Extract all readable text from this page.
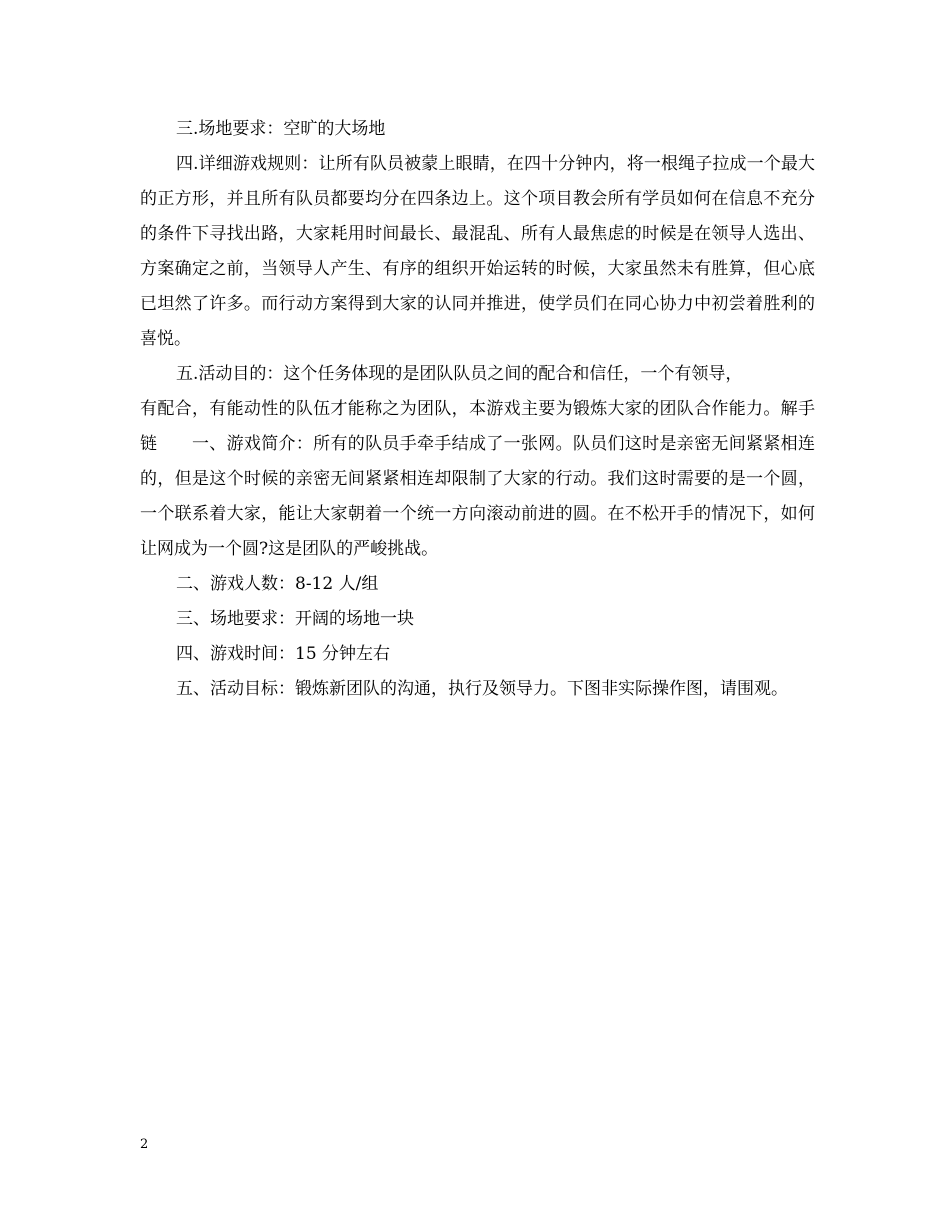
三.场地要求：空旷的大场地

四.详细游戏规则：让所有队员被蒙上眼睛，在四十分钟内，将一根绳子拉成一个最大的正方形，并且所有队员都要均分在四条边上。这个项目教会所有学员如何在信息不充分的条件下寻找出路，大家耗用时间最长、最混乱、所有人最焦虑的时候是在领导人选出、方案确定之前，当领导人产生、有序的组织开始运转的时候，大家虽然未有胜算，但心底已坦然了许多。而行动方案得到大家的认同并推进，使学员们在同心协力中初尝着胜利的喜悦。

五.活动目的：这个任务体现的是团队队员之间的配合和信任，一个有领导，

有配合，有能动性的队伍才能称之为团队，本游戏主要为锻炼大家的团队合作能力。解手链　　一、游戏简介：所有的队员手牵手结成了一张网。队员们这时是亲密无间紧紧相连的，但是这个时候的亲密无间紧紧相连却限制了大家的行动。我们这时需要的是一个圆，一个联系着大家，能让大家朝着一个统一方向滚动前进的圆。在不松开手的情况下，如何让网成为一个圆?这是团队的严峻挑战。

二、游戏人数：8-12 人/组

三、场地要求：开阔的场地一块

四、游戏时间：15 分钟左右

五、活动目标：锻炼新团队的沟通，执行及领导力。下图非实际操作图，请围观。

2
